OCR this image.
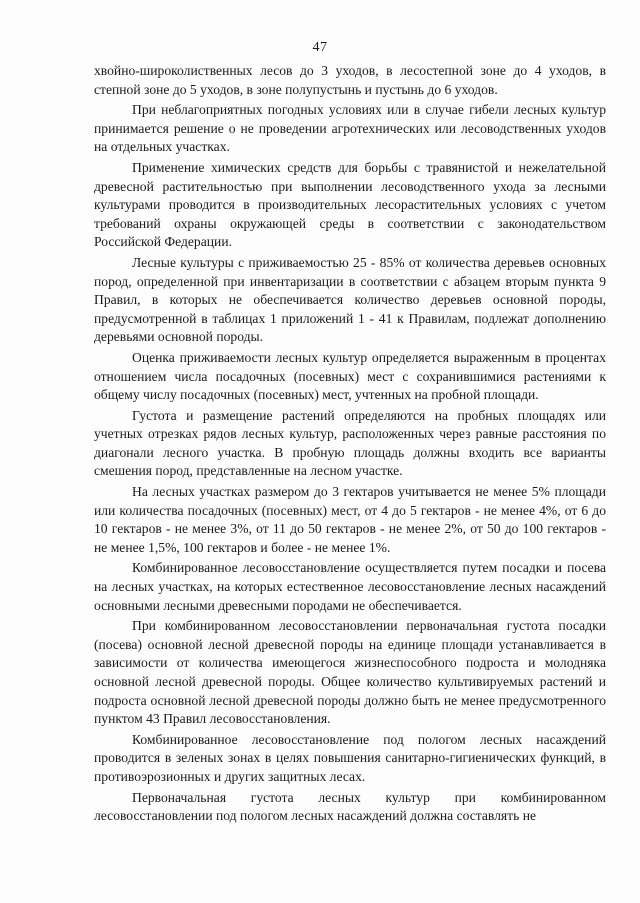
47

хвойно-широколиственных лесов до 3 уходов, в лесостепной зоне до 4 уходов, в степной зоне до 5 уходов, в зоне полупустынь и пустынь до 6 уходов.

При неблагоприятных погодных условиях или в случае гибели лесных культур принимается решение о не проведении агротехнических или лесоводственных уходов на отдельных участках.

Применение химических средств для борьбы с травянистой и нежелательной древесной растительностью при выполнении лесоводственного ухода за лесными культурами проводится в производительных лесорастительных условиях с учетом требований охраны окружающей среды в соответствии с законодательством Российской Федерации.

Лесные культуры с приживаемостью 25 - 85% от количества деревьев основных пород, определенной при инвентаризации в соответствии с абзацем вторым пункта 9 Правил, в которых не обеспечивается количество деревьев основной породы, предусмотренной в таблицах 1 приложений 1 - 41 к Правилам, подлежат дополнению деревьями основной породы.

Оценка приживаемости лесных культур определяется выраженным в процентах отношением числа посадочных (посевных) мест с сохранившимися растениями к общему числу посадочных (посевных) мест, учтенных на пробной площади.

Густота и размещение растений определяются на пробных площадях или учетных отрезках рядов лесных культур, расположенных через равные расстояния по диагонали лесного участка. В пробную площадь должны входить все варианты смешения пород, представленные на лесном участке.

На лесных участках размером до 3 гектаров учитывается не менее 5% площади или количества посадочных (посевных) мест, от 4 до 5 гектаров - не менее 4%, от 6 до 10 гектаров - не менее 3%, от 11 до 50 гектаров - не менее 2%, от 50 до 100 гектаров - не менее 1,5%, 100 гектаров и более - не менее 1%.

Комбинированное лесовосстановление осуществляется путем посадки и посева на лесных участках, на которых естественное лесовосстановление лесных насаждений основными лесными древесными породами не обеспечивается.

При комбинированном лесовосстановлении первоначальная густота посадки (посева) основной лесной древесной породы на единице площади устанавливается в зависимости от количества имеющегося жизнеспособного подроста и молодняка основной лесной древесной породы. Общее количество культивируемых растений и подроста основной лесной древесной породы должно быть не менее предусмотренного пунктом 43 Правил лесовосстановления.

Комбинированное лесовосстановление под пологом лесных насаждений проводится в зеленых зонах в целях повышения санитарно-гигиенических функций, в противоэрозионных и других защитных лесах.

Первоначальная густота лесных культур при комбинированном лесовосстановлении под пологом лесных насаждений должна составлять не
